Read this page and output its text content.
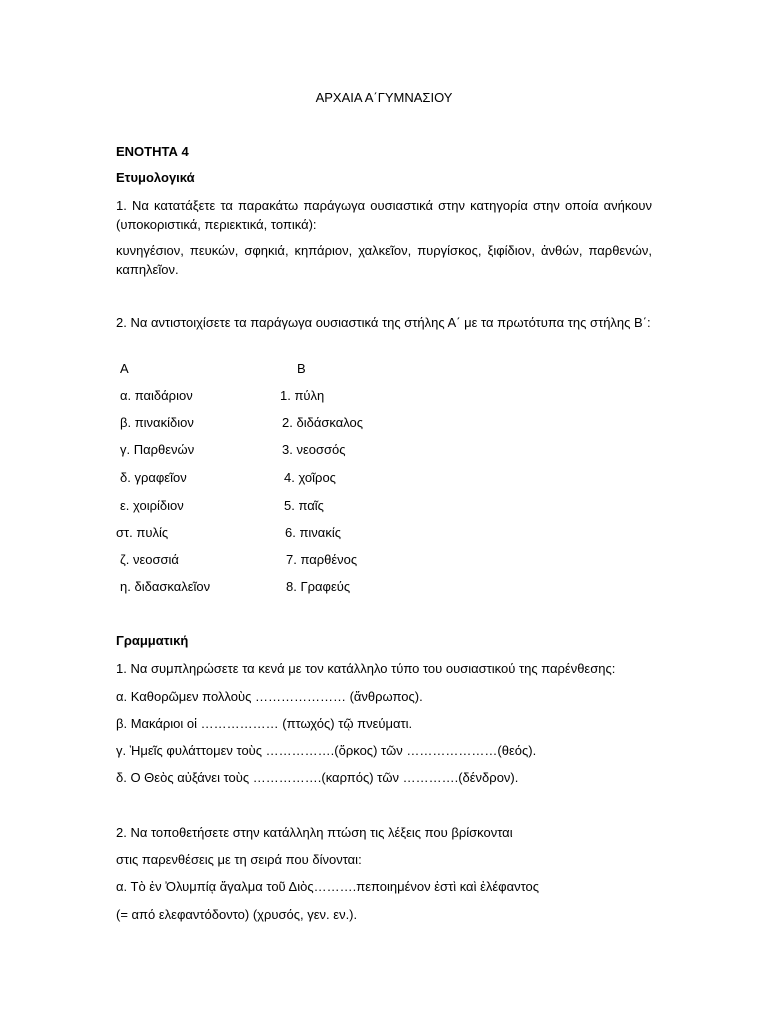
ΑΡΧΑΙΑ Α΄ΓΥΜΝΑΣΙΟΥ
ΕΝΟΤΗΤΑ 4
Ετυμολογικά
1. Να κατατάξετε τα παρακάτω παράγωγα ουσιαστικά στην κατηγορία στην οποία ανήκουν (υποκοριστικά, περιεκτικά, τοπικά):
κυνηγέσιον, πευκών, σφηκιά, κηπάριον, χαλκεῖον, πυργίσκος, ξιφίδιον, ἀνθών, παρθενών, καπηλεῖον.
2. Να αντιστοιχίσετε τα παράγωγα ουσιαστικά της στήλης Α΄ με τα πρωτότυπα της στήλης Β΄:
Α	Β
α. παιδάριον
β. πινακίδιον
γ. Παρθενών
δ. γραφεῖον
ε. χοιρίδιον
στ. πυλίς
ζ. νεοσσιά
η. διδασκαλεῖον
1. πύλη
2. διδάσκαλος
3. νεοσσός
4. χοῖρος
5. παῖς
6. πινακίς
7. παρθένος
8. Γραφεύς
Γραμματική
1. Να συμπληρώσετε τα κενά με τον κατάλληλο τύπο του ουσιαστικού της παρένθεσης:
α. Καθορῶμεν πολλοὺς ………………… (ἄνθρωπος).
β. Μακάριοι οἱ ……………… (πτωχός) τῷ πνεύματι.
γ. Ἡμεῖς φυλάττομεν τοὺς …………….(ὅρκος) τῶν …………………(θεός).
δ. Ο Θεὸς αὐξάνει τοὺς …………….(καρπός) τῶν ………….(δένδρον).
2. Να τοποθετήσετε στην κατάλληλη πτώση τις λέξεις που βρίσκονται
στις παρενθέσεις με τη σειρά που δίνονται:
α. Τὸ ἐν Ὀλυμπίᾳ ἄγαλμα τοῦ Διὸς……….πεποιημένον ἐστὶ καὶ ἐλέφαντος
(= από ελεφαντόδοντο) (χρυσός, γεν. εν.).
